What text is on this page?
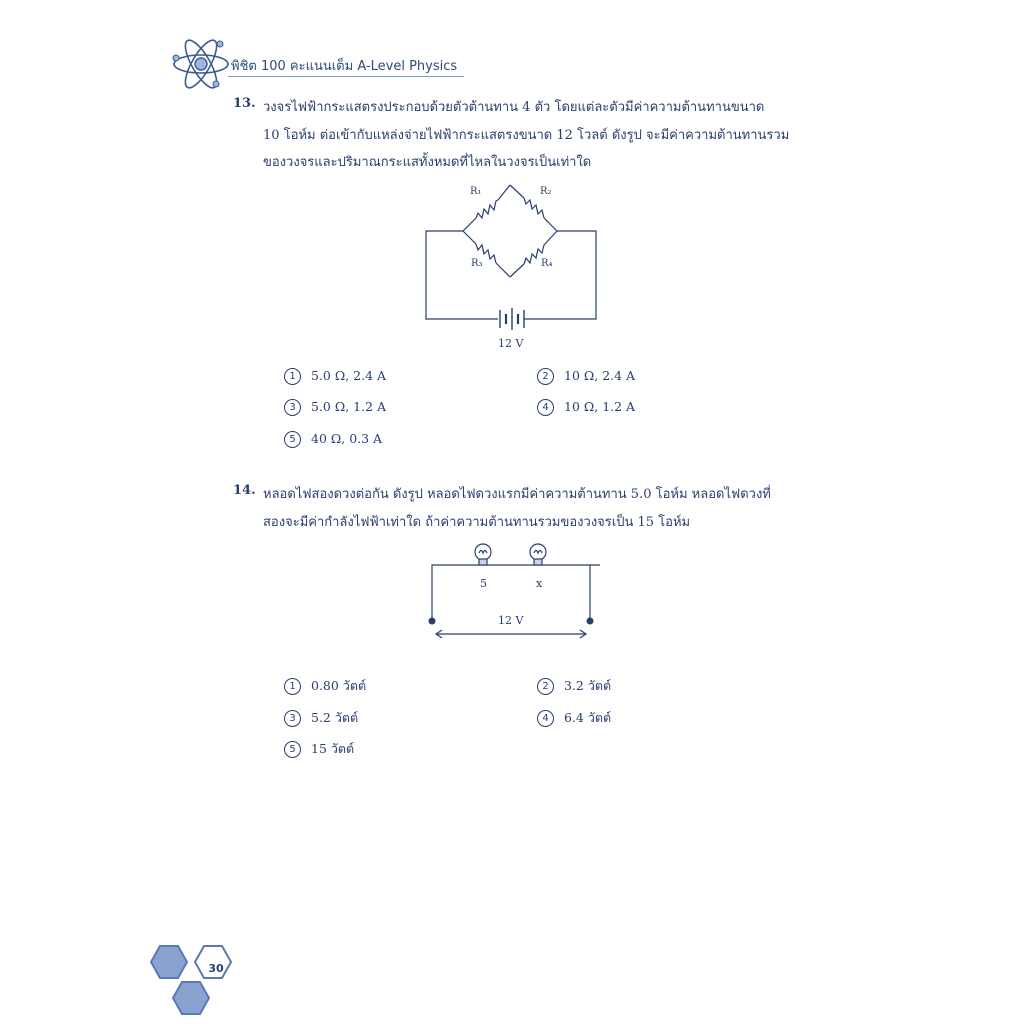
พิชิต 100 คะแนนเต็ม A-Level Physics
13. วงจรไฟฟ้ากระแสตรงประกอบด้วยตัวต้านทาน 4 ตัว โดยแต่ละตัวมีค่าความต้านทานขนาด
10 โอห์ม ต่อเข้ากับแหล่งจ่ายไฟฟ้ากระแสตรงขนาด 12 โวลต์ ดังรูป จะมีค่าความต้านทานรวม
ของวงจรและปริมาณกระแสทั้งหมดที่ไหลในวงจรเป็นเท่าใด
R₁	R₂
R₃	R₄
12 V
1 5.0 Ω, 2.4 A	2 10 Ω, 2.4 A
3 5.0 Ω, 1.2 A	4 10 Ω, 1.2 A
5 40 Ω, 0.3 A
14. หลอดไฟสองดวงต่อกัน ดังรูป หลอดไฟดวงแรกมีค่าความต้านทาน 5.0 โอห์ม หลอดไฟดวงที่
สองจะมีค่ากำลังไฟฟ้าเท่าใด ถ้าค่าความต้านทานรวมของวงจรเป็น 15 โอห์ม
5	x
12 V
1 0.80 วัตต์	2 3.2 วัตต์
3 5.2 วัตต์	4 6.4 วัตต์
5 15 วัตต์
30
